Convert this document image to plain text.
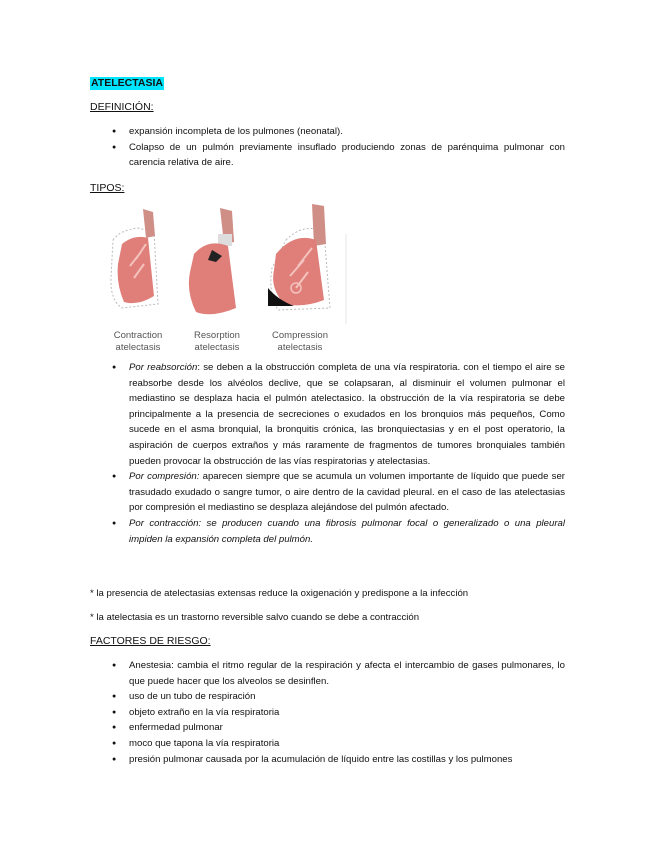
ATELECTASIA
DEFINICIÓN:
● expansión incompleta de los pulmones (neonatal).
● Colapso de un pulmón previamente insuflado produciendo zonas de parénquima pulmonar con carencia relativa de aire.
TIPOS:
Contraction
atelectasis
Resorption
atelectasis
Compression
atelectasis
● Por reabsorción: se deben a la obstrucción completa de una vía respiratoria. con el tiempo el aire se reabsorbe desde los alvéolos declive, que se colapsaran, al disminuir el volumen pulmonar el mediastino se desplaza hacia el pulmón atelectasico. la obstrucción de la vía respiratoria se debe principalmente a la presencia de secreciones o exudados en los bronquios más pequeños, Como sucede en el asma bronquial, la bronquitis crónica, las bronquiectasias y en el post operatorio, la aspiración de cuerpos extraños y más raramente de fragmentos de tumores bronquiales también pueden provocar la obstrucción de las vías respiratorias y atelectasias.
● Por compresión: aparecen siempre que se acumula un volumen importante de líquido que puede ser trasudado exudado o sangre tumor, o aire dentro de la cavidad pleural. en el caso de las atelectasias por compresión el mediastino se desplaza alejándose del pulmón afectado.
● Por contracción: se producen cuando una fibrosis pulmonar focal o generalizado o una pleural impiden la expansión completa del pulmón.
* la presencia de atelectasias extensas reduce la oxigenación y predispone a la infección
* la atelectasia es un trastorno reversible salvo cuando se debe a contracción
FACTORES DE RIESGO:
● Anestesia: cambia el ritmo regular de la respiración y afecta el intercambio de gases pulmonares, lo que puede hacer que los alveolos se desinflen.
● uso de un tubo de respiración
● objeto extraño en la vía respiratoria
● enfermedad pulmonar
● moco que tapona la vía respiratoria
● presión pulmonar causada por la acumulación de líquido entre las costillas y los pulmones
